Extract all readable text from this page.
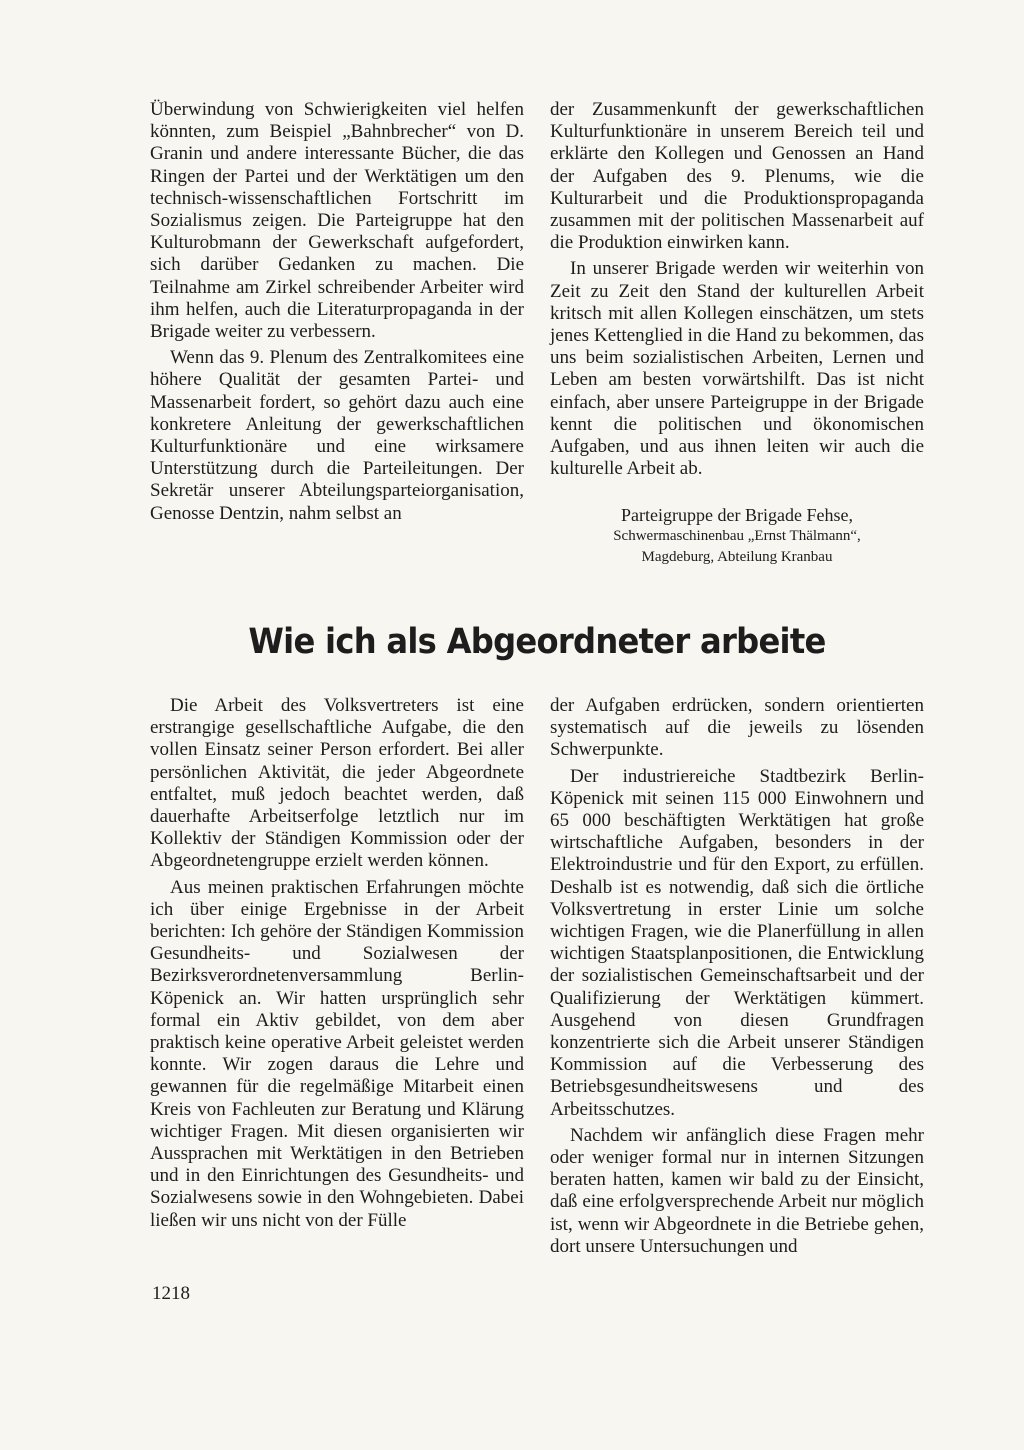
Überwindung von Schwierigkeiten viel helfen könnten, zum Beispiel „Bahnbrecher“ von D. Granin und andere interessante Bücher, die das Ringen der Partei und der Werktätigen um den technisch-wissenschaftlichen Fortschritt im Sozialismus zeigen. Die Parteigruppe hat den Kulturobmann der Gewerkschaft aufgefordert, sich darüber Gedanken zu machen. Die Teilnahme am Zirkel schreibender Arbeiter wird ihm helfen, auch die Literaturpropaganda in der Brigade weiter zu verbessern.

Wenn das 9. Plenum des Zentralkomitees eine höhere Qualität der gesamten Partei- und Massenarbeit fordert, so gehört dazu auch eine konkretere Anleitung der gewerkschaftlichen Kulturfunktionäre und eine wirksamere Unterstützung durch die Parteileitungen. Der Sekretär unserer Abteilungsparteiorganisation, Genosse Dentzin, nahm selbst an

der Zusammenkunft der gewerkschaftlichen Kulturfunktionäre in unserem Bereich teil und erklärte den Kollegen und Genossen an Hand der Aufgaben des 9. Plenums, wie die Kulturarbeit und die Produktionspropaganda zusammen mit der politischen Massenarbeit auf die Produktion einwirken kann.

In unserer Brigade werden wir weiterhin von Zeit zu Zeit den Stand der kulturellen Arbeit kritsch mit allen Kollegen einschätzen, um stets jenes Kettenglied in die Hand zu bekommen, das uns beim sozialistischen Arbeiten, Lernen und Leben am besten vorwärtshilft. Das ist nicht einfach, aber unsere Parteigruppe in der Brigade kennt die politischen und ökonomischen Aufgaben, und aus ihnen leiten wir auch die kulturelle Arbeit ab.

Parteigruppe der Brigade Fehse,
Schwermaschinenbau „Ernst Thälmann“,
Magdeburg, Abteilung Kranbau
Wie ich als Abgeordneter arbeite

Die Arbeit des Volksvertreters ist eine erstrangige gesellschaftliche Aufgabe, die den vollen Einsatz seiner Person erfordert. Bei aller persönlichen Aktivität, die jeder Abgeordnete entfaltet, muß jedoch beachtet werden, daß dauerhafte Arbeitserfolge letztlich nur im Kollektiv der Ständigen Kommission oder der Abgeordnetengruppe erzielt werden können.

Aus meinen praktischen Erfahrungen möchte ich über einige Ergebnisse in der Arbeit berichten: Ich gehöre der Ständigen Kommission Gesundheits- und Sozialwesen der Bezirksverordnetenversammlung Berlin-Köpenick an. Wir hatten ursprünglich sehr formal ein Aktiv gebildet, von dem aber praktisch keine operative Arbeit geleistet werden konnte. Wir zogen daraus die Lehre und gewannen für die regelmäßige Mitarbeit einen Kreis von Fachleuten zur Beratung und Klärung wichtiger Fragen. Mit diesen organisierten wir Aussprachen mit Werktätigen in den Betrieben und in den Einrichtungen des Gesundheits- und Sozialwesens sowie in den Wohngebieten. Dabei ließen wir uns nicht von der Fülle

der Aufgaben erdrücken, sondern orientierten systematisch auf die jeweils zu lösenden Schwerpunkte.

Der industriereiche Stadtbezirk Berlin-Köpenick mit seinen 115 000 Einwohnern und 65 000 beschäftigten Werktätigen hat große wirtschaftliche Aufgaben, besonders in der Elektroindustrie und für den Export, zu erfüllen. Deshalb ist es notwendig, daß sich die örtliche Volksvertretung in erster Linie um solche wichtigen Fragen, wie die Planerfüllung in allen wichtigen Staatsplanpositionen, die Entwicklung der sozialistischen Gemeinschaftsarbeit und der Qualifizierung der Werktätigen kümmert. Ausgehend von diesen Grundfragen konzentrierte sich die Arbeit unserer Ständigen Kommission auf die Verbesserung des Betriebsgesundheitswesens und des Arbeitsschutzes.

Nachdem wir anfänglich diese Fragen mehr oder weniger formal nur in internen Sitzungen beraten hatten, kamen wir bald zu der Einsicht, daß eine erfolgversprechende Arbeit nur möglich ist, wenn wir Abgeordnete in die Betriebe gehen, dort unsere Untersuchungen und

1218
